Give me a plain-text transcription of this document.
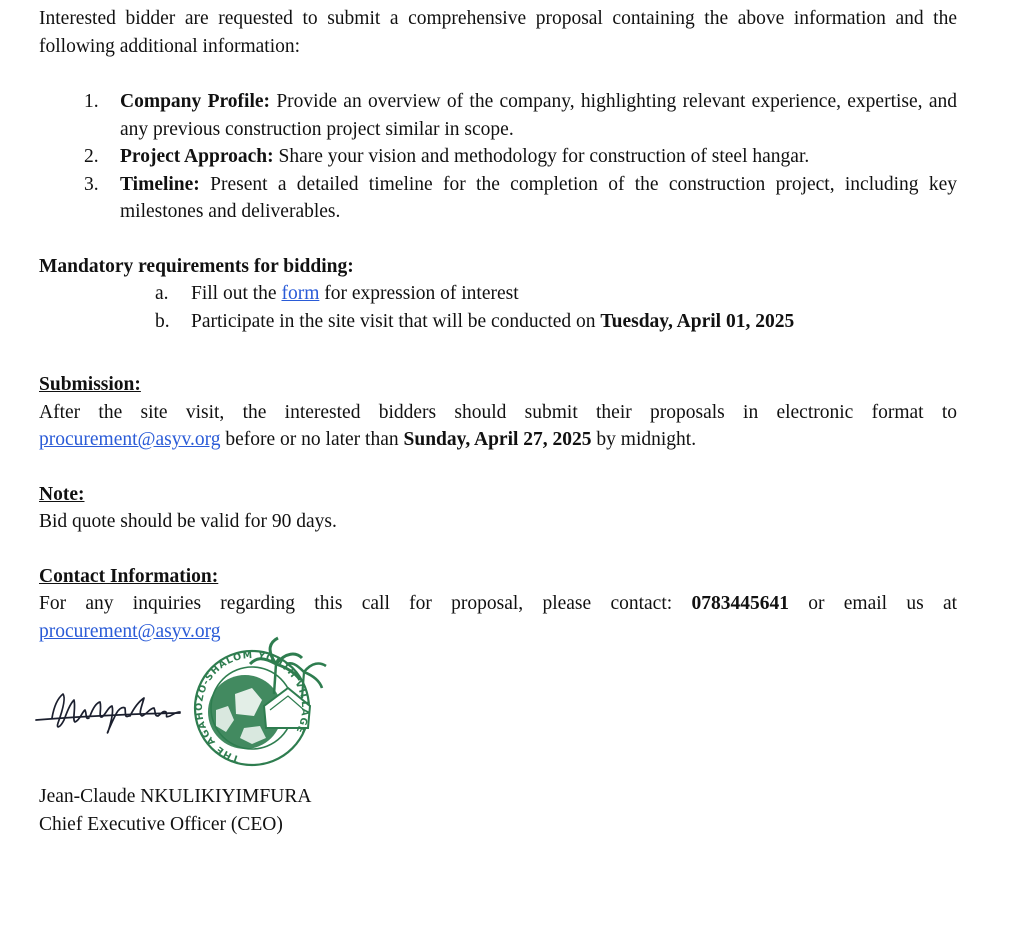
Interested bidder are requested to submit a comprehensive proposal containing the above information and the following additional information:

1. Company Profile: Provide an overview of the company, highlighting relevant experience, expertise, and any previous construction project similar in scope.
2. Project Approach: Share your vision and methodology for construction of steel hangar.
3. Timeline: Present a detailed timeline for the completion of the construction project, including key milestones and deliverables.

Mandatory requirements for bidding:

a. Fill out the form for expression of interest
b. Participate in the site visit that will be conducted on Tuesday, April 01, 2025
Submission:

After the site visit, the interested bidders should submit their proposals in electronic format to

procurement@asyv.org before or no later than Sunday, April 27, 2025 by midnight.

Note:

Bid quote should be valid for 90 days.

Contact Information:

For any inquiries regarding this call for proposal, please contact: 0783445641 or email us at

procurement@asyv.org

THE AGAHOZO-SHALOM YOUTH VILLAGE

Jean-Claude NKULIKIYIMFURA

Chief Executive Officer (CEO)
